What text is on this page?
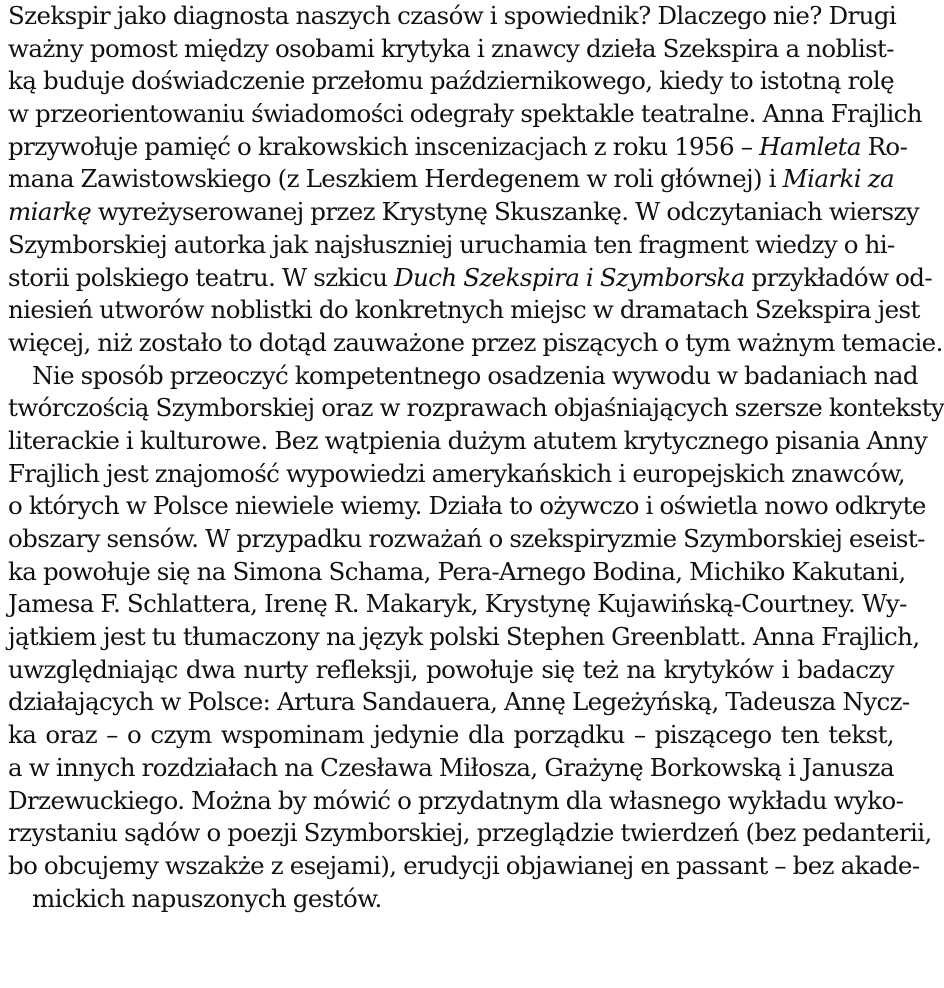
Szekspir jako diagnosta naszych czasów i spowiednik? Dlaczego nie? Drugi
ważny pomost między osobami krytyka i znawcy dzieła Szekspira a noblist-
ką buduje doświadczenie przełomu październikowego, kiedy to istotną rolę
w przeorientowaniu świadomości odegrały spektakle teatralne. Anna Frajlich
przywołuje pamięć o krakowskich inscenizacjach z roku 1956 – Hamleta Ro-
mana Zawistowskiego (z Leszkiem Herdegenem w roli głównej) i Miarki za
miarkę wyreżyserowanej przez Krystynę Skuszankę. W odczytaniach wierszy
Szymborskiej autorka jak najsłuszniej uruchamia ten fragment wiedzy o hi-
storii polskiego teatru. W szkicu Duch Szekspira i Szymborska przykładów od-
niesień utworów noblistki do konkretnych miejsc w dramatach Szekspira jest
więcej, niż zostało to dotąd zauważone przez piszących o tym ważnym temacie.
Nie sposób przeoczyć kompetentnego osadzenia wywodu w badaniach nad
twórczością Szymborskiej oraz w rozprawach objaśniających szersze konteksty
literackie i kulturowe. Bez wątpienia dużym atutem krytycznego pisania Anny
Frajlich jest znajomość wypowiedzi amerykańskich i europejskich znawców,
o których w Polsce niewiele wiemy. Działa to ożywczo i oświetla nowo odkryte
obszary sensów. W przypadku rozważań o szekspiryzmie Szymborskiej eseist-
ka powołuje się na Simona Schama, Pera-Arnego Bodina, Michiko Kakutani,
Jamesa F. Schlattera, Irenę R. Makaryk, Krystynę Kujawińską-Courtney. Wy-
jątkiem jest tu tłumaczony na język polski Stephen Greenblatt. Anna Frajlich,
uwzględniając dwa nurty refleksji, powołuje się też na krytyków i badaczy
działających w Polsce: Artura Sandauera, Annę Legeżyńską, Tadeusza Nycz-
ka oraz – o czym wspominam jedynie dla porządku – piszącego ten tekst,
a w innych rozdziałach na Czesława Miłosza, Grażynę Borkowską i Janusza
Drzewuckiego. Można by mówić o przydatnym dla własnego wykładu wyko-
rzystaniu sądów o poezji Szymborskiej, przeglądzie twierdzeń (bez pedanterii,
bo obcujemy wszakże z esejami), erudycji objawianej en passant – bez akade-
mickich napuszonych gestów.
